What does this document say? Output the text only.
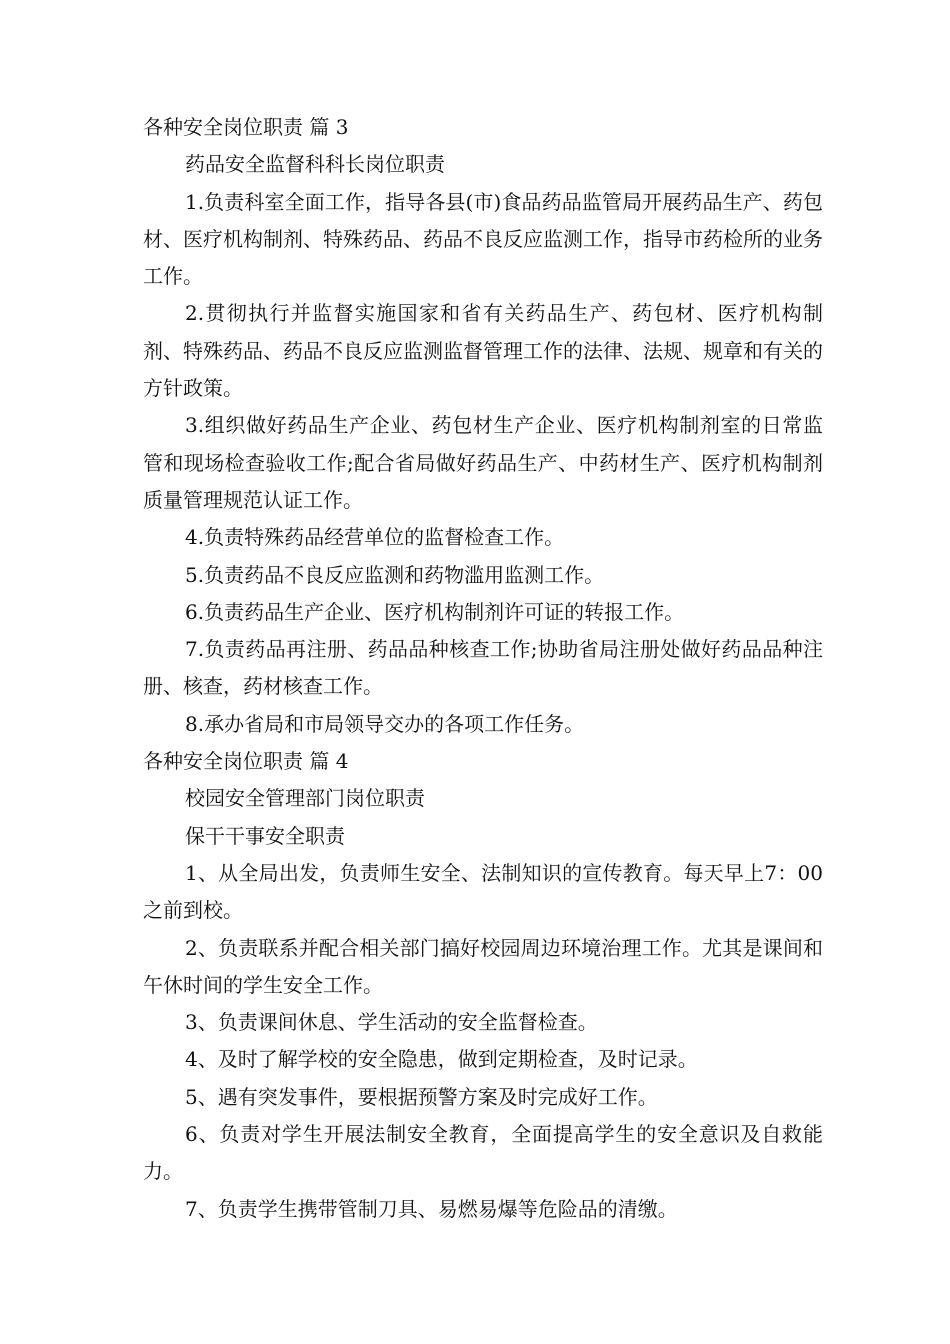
各种安全岗位职责 篇 3

药品安全监督科科长岗位职责

1.负责科室全面工作，指导各县(市)食品药品监管局开展药品生产、药包材、医疗机构制剂、特殊药品、药品不良反应监测工作，指导市药检所的业务工作。

2.贯彻执行并监督实施国家和省有关药品生产、药包材、医疗机构制剂、特殊药品、药品不良反应监测监督管理工作的法律、法规、规章和有关的方针政策。

3.组织做好药品生产企业、药包材生产企业、医疗机构制剂室的日常监管和现场检查验收工作;配合省局做好药品生产、中药材生产、医疗机构制剂质量管理规范认证工作。

4.负责特殊药品经营单位的监督检查工作。

5.负责药品不良反应监测和药物滥用监测工作。

6.负责药品生产企业、医疗机构制剂许可证的转报工作。

7.负责药品再注册、药品品种核查工作;协助省局注册处做好药品品种注册、核查，药材核查工作。

8.承办省局和市局领导交办的各项工作任务。

各种安全岗位职责 篇 4

校园安全管理部门岗位职责

保干干事安全职责

1、从全局出发，负责师生安全、法制知识的宣传教育。每天早上7：00 之前到校。

2、负责联系并配合相关部门搞好校园周边环境治理工作。尤其是课间和午休时间的学生安全工作。

3、负责课间休息、学生活动的安全监督检查。

4、及时了解学校的安全隐患，做到定期检查，及时记录。

5、遇有突发事件，要根据预警方案及时完成好工作。

6、负责对学生开展法制安全教育，全面提高学生的安全意识及自救能力。

7、负责学生携带管制刀具、易燃易爆等危险品的清缴。
